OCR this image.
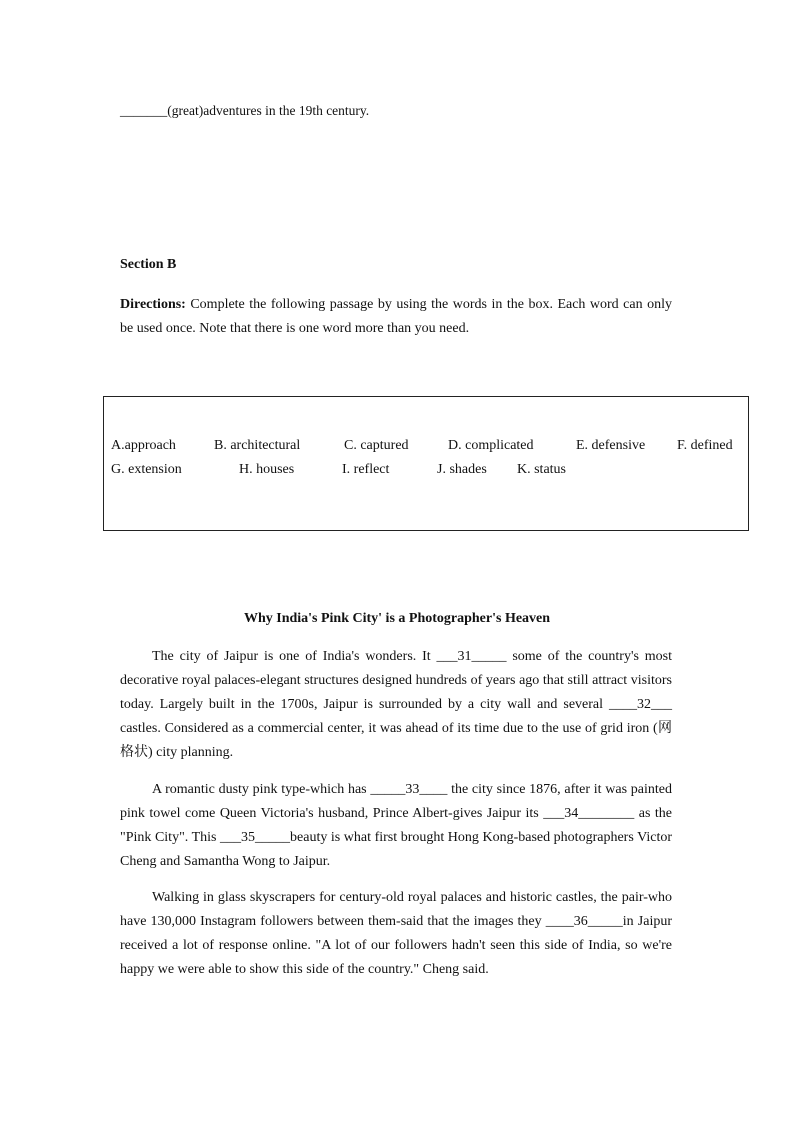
_______(great)adventures in the 19th century.
Section B
Directions: Complete the following passage by using the words in the box. Each word can only be used once. Note that there is one word more than you need.
A.approach	B. architectural	C. captured	D. complicated	E. defensive F. defined
G. extension	H. houses	I. reflect	J. shades K. status
Why India's Pink City' is a Photographer's Heaven

The city of Jaipur is one of India's wonders. It ___31_____ some of the country's most decorative royal palaces-elegant structures designed hundreds of years ago that still attract visitors today. Largely built in the 1700s, Jaipur is surrounded by a city wall and several ____32___ castles. Considered as a commercial center, it was ahead of its time due to the use of grid iron (网格状) city planning.

A romantic dusty pink type-which has _____33____ the city since 1876, after it was painted pink towel come Queen Victoria's husband, Prince Albert-gives Jaipur its ___34________ as the "Pink City". This ___35_____beauty is what first brought Hong Kong-based photographers Victor Cheng and Samantha Wong to Jaipur.

Walking in glass skyscrapers for century-old royal palaces and historic castles, the pair-who have 130,000 Instagram followers between them-said that the images they ____36_____in Jaipur received a lot of response online. "A lot of our followers hadn't seen this side of India, so we're happy we were able to show this side of the country." Cheng said.
